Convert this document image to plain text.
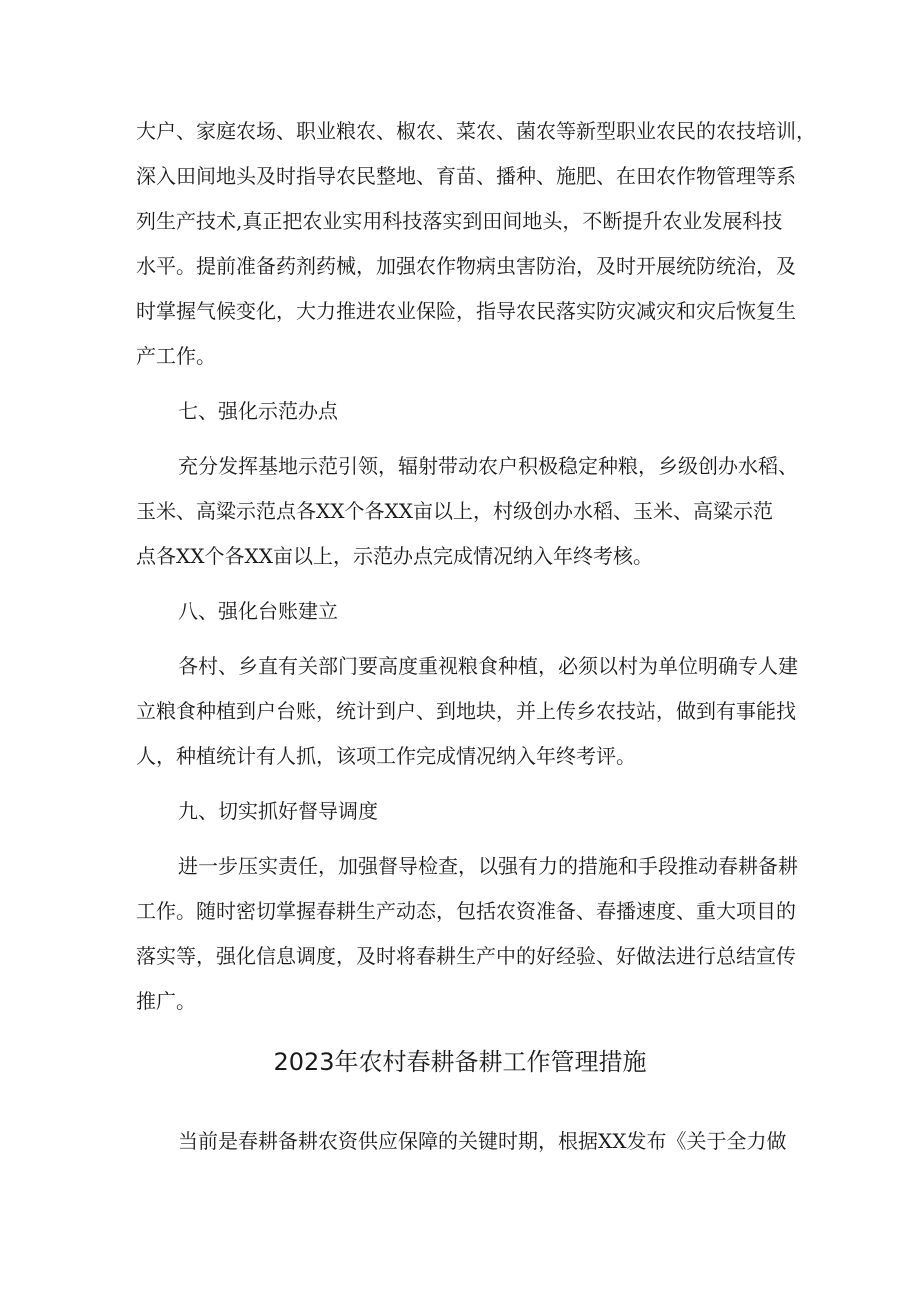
大户、家庭农场、职业粮农、椒农、菜农、菌农等新型职业农民的农技培训，
深入田间地头及时指导农民整地、育苗、播种、施肥、在田农作物管理等系
列生产技术,真正把农业实用科技落实到田间地头，不断提升农业发展科技
水平。提前准备药剂药械，加强农作物病虫害防治，及时开展统防统治，及
时掌握气候变化，大力推进农业保险，指导农民落实防灾减灾和灾后恢复生
产工作。
七、强化示范办点
充分发挥基地示范引领，辐射带动农户积极稳定种粮，乡级创办水稻、
玉米、高粱示范点各XX个各XX亩以上，村级创办水稻、玉米、高粱示范
点各XX个各XX亩以上，示范办点完成情况纳入年终考核。
八、强化台账建立
各村、乡直有关部门要高度重视粮食种植，必须以村为单位明确专人建
立粮食种植到户台账，统计到户、到地块，并上传乡农技站，做到有事能找
人，种植统计有人抓，该项工作完成情况纳入年终考评。
九、切实抓好督导调度
进一步压实责任，加强督导检查，以强有力的措施和手段推动春耕备耕
工作。随时密切掌握春耕生产动态，包括农资准备、春播速度、重大项目的
落实等，强化信息调度，及时将春耕生产中的好经验、好做法进行总结宣传
推广。
2023年农村春耕备耕工作管理措施
当前是春耕备耕农资供应保障的关键时期，根据XX发布《关于全力做
